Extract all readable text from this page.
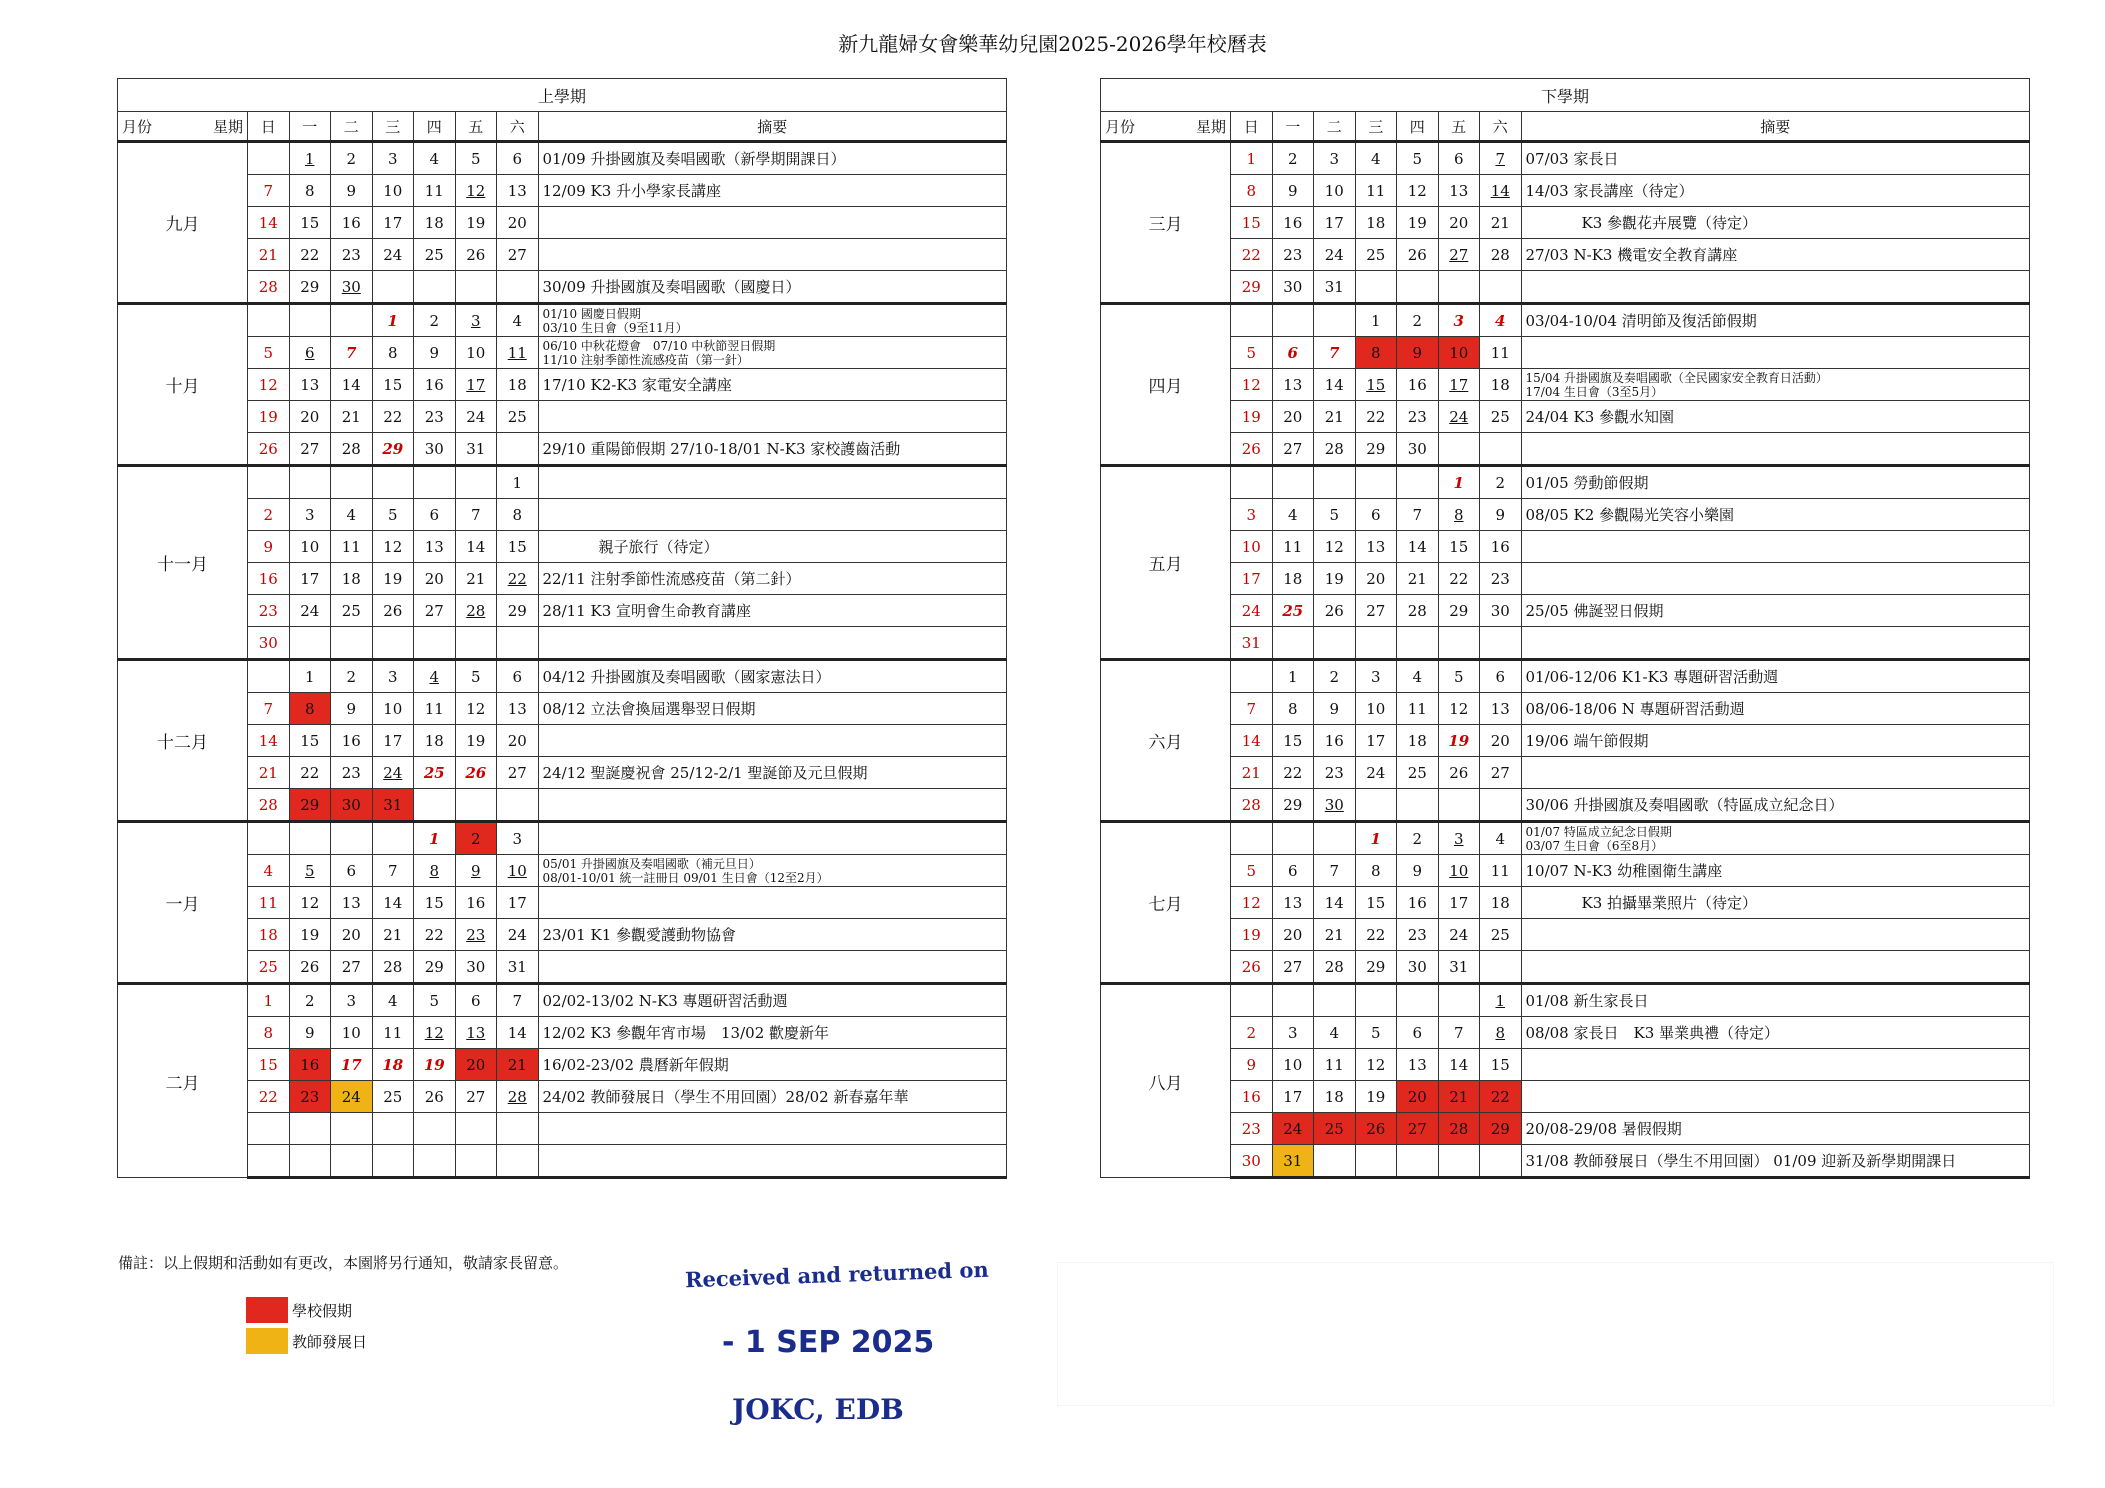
新九龍婦女會樂華幼兒園2025-2026學年校曆表
上學期								

月份 星期	日	一	二	三	四	五	六	摘要
九月		1	2	3	4	5	6	01/09 升掛國旗及奏唱國歌（新學期開課日）
	7	8	9	10	11	12	13	12/09 K3 升小學家長講座
	14	15	16	17	18	19	20	
	21	22	23	24	25	26	27	
	28	29	30					30/09 升掛國旗及奏唱國歌（國慶日）
十月				1	2	3	4	01/10 國慶日假期
03/10 生日會（9至11月）

	5	6	7	8	9	10	11	06/10 中秋花燈會　07/10 中秋節翌日假期
11/10 注射季節性流感疫苗（第一針）

	12	13	14	15	16	17	18	17/10 K2-K3 家電安全講座
	19	20	21	22	23	24	25	
	26	27	28	29	30	31		29/10 重陽節假期 27/10-18/01 N-K3 家校護齒活動
十一月							1	
	2	3	4	5	6	7	8	
	9	10	11	12	13	14	15	親子旅行（待定）
	16	17	18	19	20	21	22	22/11 注射季節性流感疫苗（第二針）
	23	24	25	26	27	28	29	28/11 K3 宣明會生命教育講座
	30							
十二月		1	2	3	4	5	6	04/12 升掛國旗及奏唱國歌（國家憲法日）
	7	8	9	10	11	12	13	08/12 立法會換屆選舉翌日假期
	14	15	16	17	18	19	20	
	21	22	23	24	25	26	27	24/12 聖誕慶祝會 25/12-2/1 聖誕節及元旦假期
	28	29	30	31				
一月					1	2	3	
	4	5	6	7	8	9	10	05/01 升掛國旗及奏唱國歌（補元旦日）
08/01-10/01 統一註冊日 09/01 生日會（12至2月）

	11	12	13	14	15	16	17	
	18	19	20	21	22	23	24	23/01 K1 參觀愛護動物協會
	25	26	27	28	29	30	31	
二月	1	2	3	4	5	6	7	02/02-13/02 N-K3 專題研習活動週
	8	9	10	11	12	13	14	12/02 K3 參觀年宵市場　13/02 歡慶新年
	15	16	17	18	19	20	21	16/02-23/02 農曆新年假期
	22	23	24	25	26	27	28	24/02 教師發展日（學生不用回園）28/02 新春嘉年華

下學期								

月份 星期	日	一	二	三	四	五	六	摘要
三月	1	2	3	4	5	6	7	07/03 家長日
	8	9	10	11	12	13	14	14/03 家長講座（待定）
	15	16	17	18	19	20	21	K3 參觀花卉展覽（待定）
	22	23	24	25	26	27	28	27/03 N-K3 機電安全教育講座
	29	30	31					
四月				1	2	3	4	03/04-10/04 清明節及復活節假期
	5	6	7	8	9	10	11	
	12	13	14	15	16	17	18	15/04 升掛國旗及奏唱國歌（全民國家安全教育日活動）
17/04 生日會（3至5月）

	19	20	21	22	23	24	25	24/04 K3 參觀水知園
	26	27	28	29	30			
五月						1	2	01/05 勞動節假期
	3	4	5	6	7	8	9	08/05 K2 參觀陽光笑容小樂園
	10	11	12	13	14	15	16	
	17	18	19	20	21	22	23	
	24	25	26	27	28	29	30	25/05 佛誕翌日假期
	31							
六月		1	2	3	4	5	6	01/06-12/06 K1-K3 專題研習活動週
	7	8	9	10	11	12	13	08/06-18/06 N 專題研習活動週
	14	15	16	17	18	19	20	19/06 端午節假期
	21	22	23	24	25	26	27	
	28	29	30					30/06 升掛國旗及奏唱國歌（特區成立紀念日）
七月				1	2	3	4	01/07 特區成立紀念日假期
03/07 生日會（6至8月）

	5	6	7	8	9	10	11	10/07 N-K3 幼稚園衛生講座
	12	13	14	15	16	17	18	K3 拍攝畢業照片（待定）
	19	20	21	22	23	24	25	
	26	27	28	29	30	31		
八月							1	01/08 新生家長日
	2	3	4	5	6	7	8	08/08 家長日　K3 畢業典禮（待定）
	9	10	11	12	13	14	15	
	16	17	18	19	20	21	22	
	23	24	25	26	27	28	29	20/08-29/08 暑假假期
	30	31						31/08 教師發展日（學生不用回園） 01/09 迎新及新學期開課日
備註：以上假期和活動如有更改，本園將另行通知，敬請家長留意。
學校假期
教師發展日
Received and returned on
- 1 SEP 2025
JOKC, EDB
